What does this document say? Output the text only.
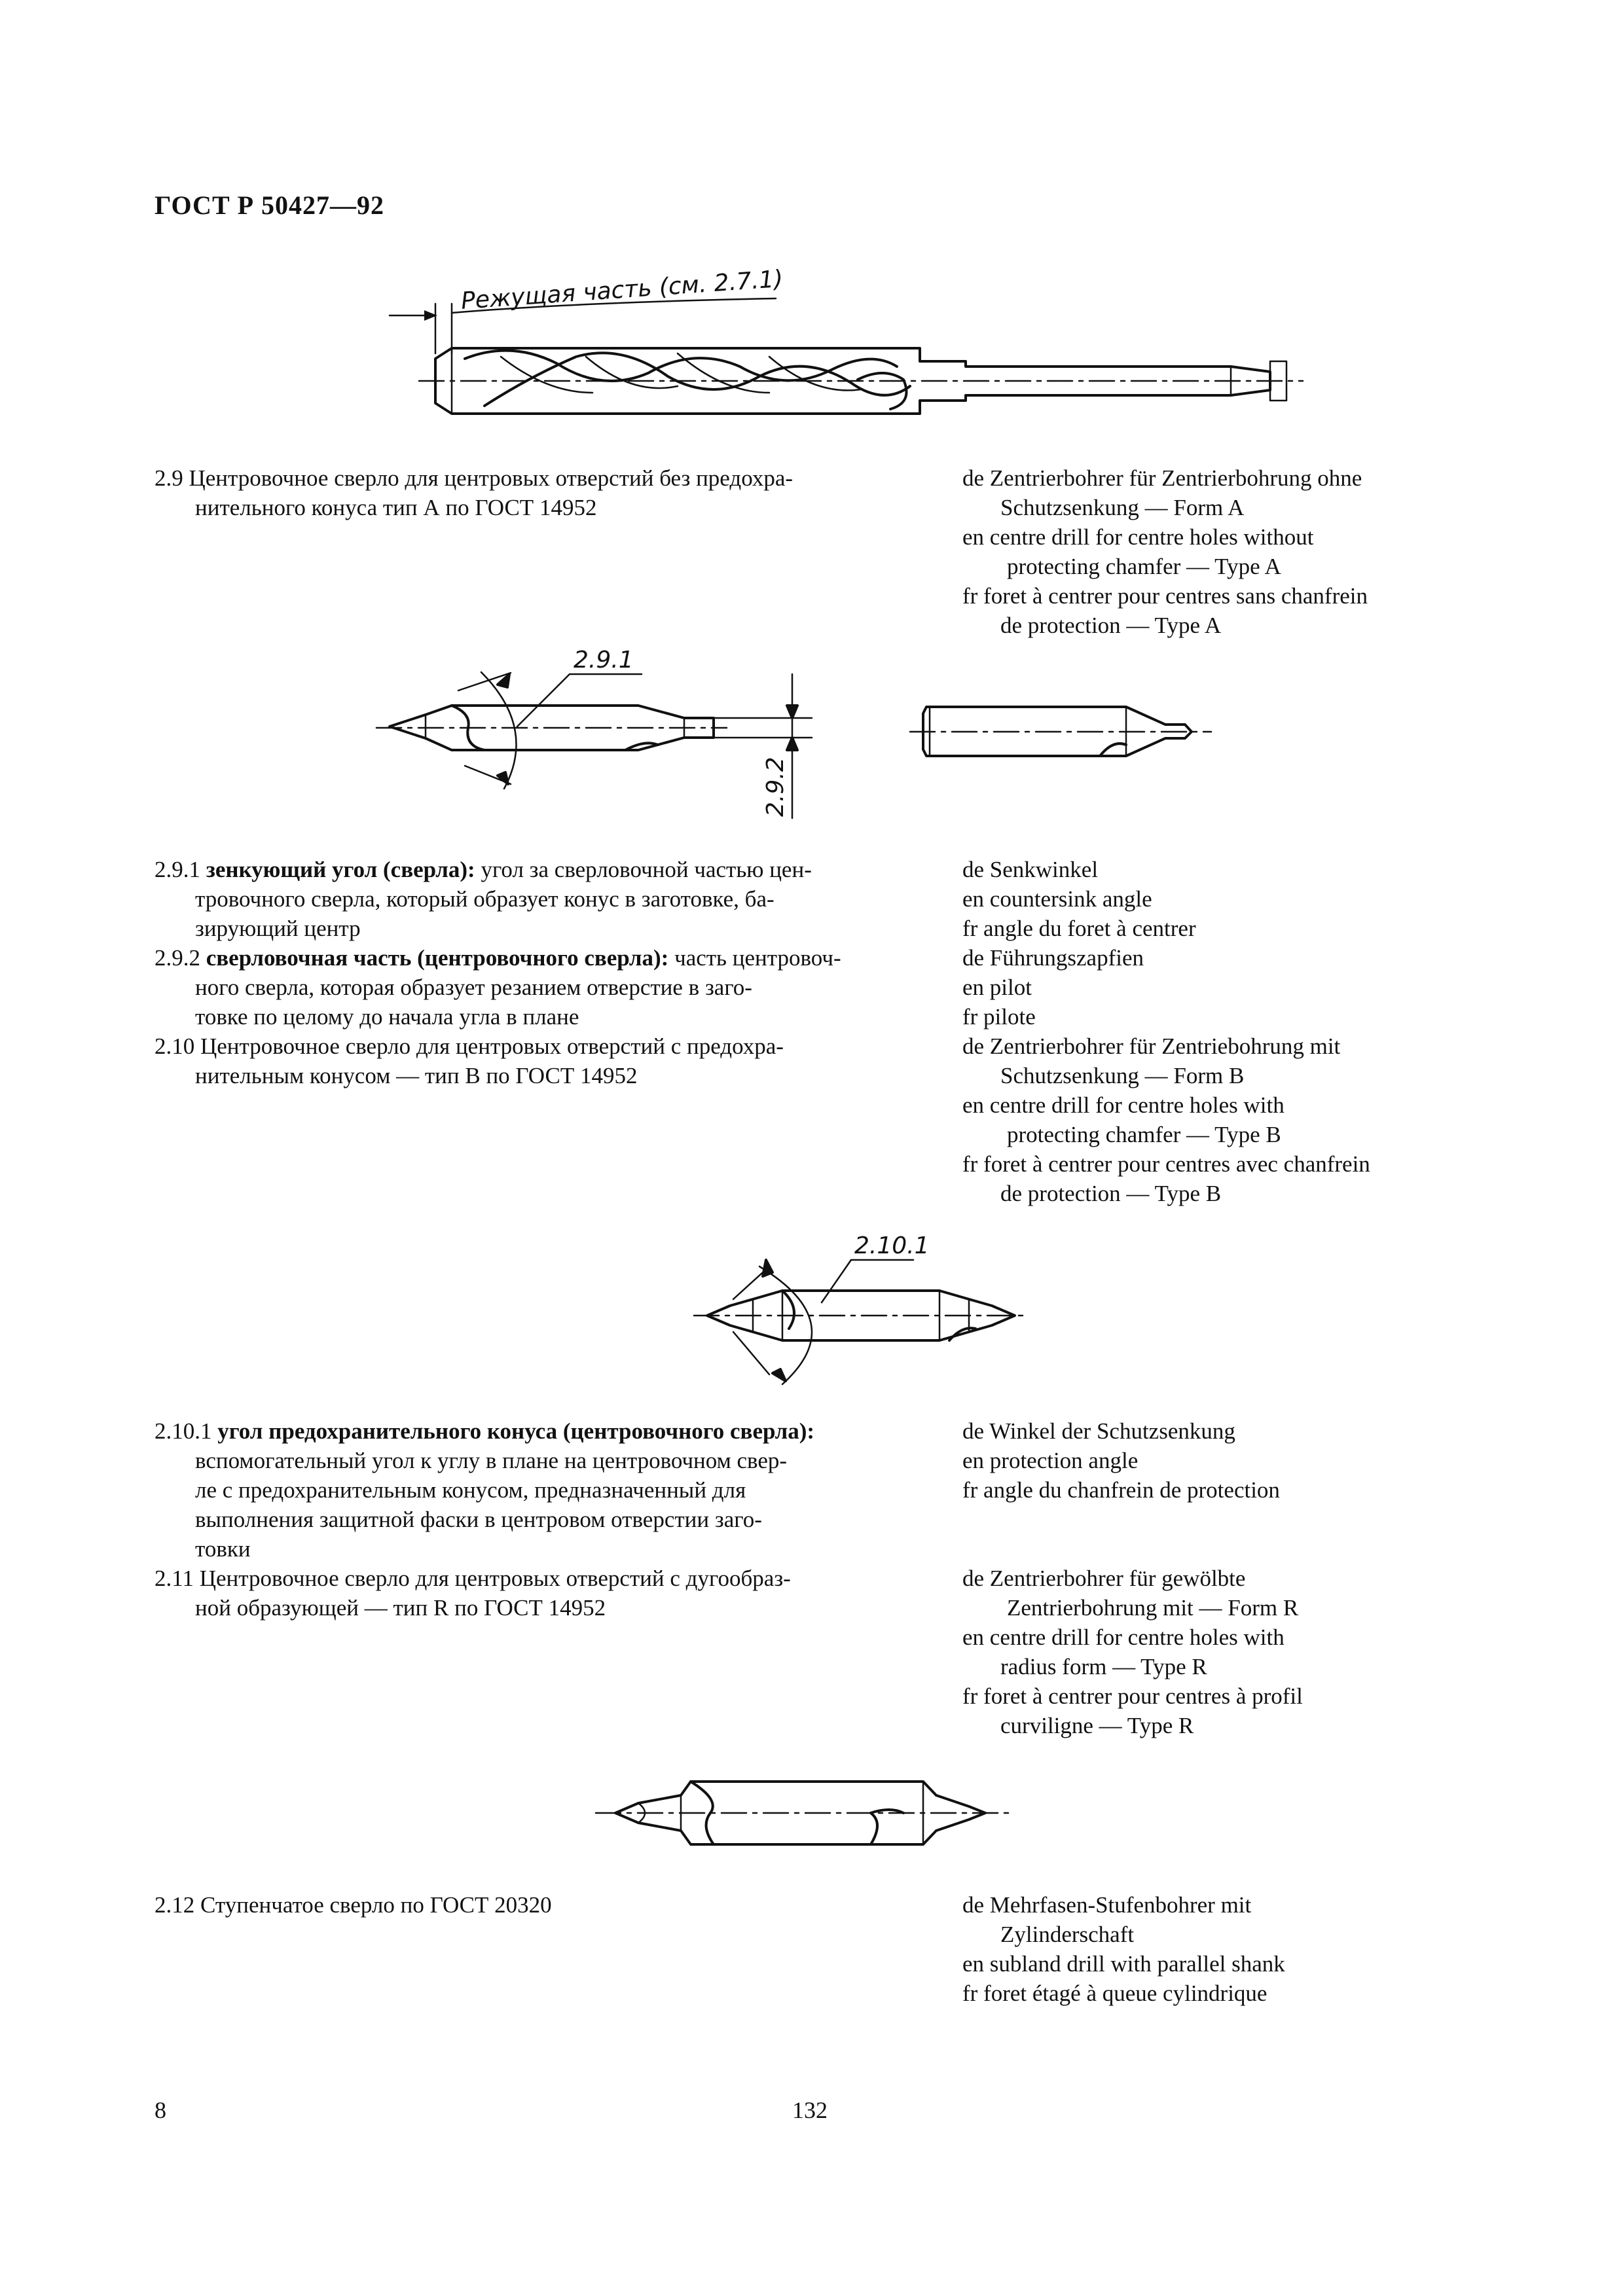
ГОСТ Р 50427—92
Режущая часть (см. 2.7.1)
2.9 Центровочное сверло для центровых отверстий без предохра-

нительного конуса тип А по ГОСТ 14952
de Zentrierbohrer für Zentrierbohrung ohne
Schutzsenkung — Form A
en centre drill for centre holes without
protecting chamfer — Type A
fr foret à centrer pour centres sans chanfrein
de protection — Type A
2.9.1
2.9.2
2.9.1 зенкующий угол (сверла): угол за сверловочной частью цен-

тровочного сверла, который образует конус в заготовке, ба-
зирующий центр
2.9.2 сверловочная часть (центровочного сверла): часть центровоч-

ного сверла, которая образует резанием отверстие в заго-
товке по целому до начала угла в плане
2.10 Центровочное сверло для центровых отверстий с предохра-

нительным конусом — тип В по ГОСТ 14952
de Senkwinkel
en countersink angle
fr angle du foret à centrer
de Führungszapfien
en pilot
fr pilote
de Zentrierbohrer für Zentriebohrung mit
Schutzsenkung — Form B
en centre drill for centre holes with
protecting chamfer — Type B
fr foret à centrer pour centres avec chanfrein
de protection — Type B
2.10.1
2.10.1 угол предохранительного конуса (центровочного сверла):

вспомогательный угол к углу в плане на центровочном свер-
ле с предохранительным конусом, предназначенный для
выполнения защитной фаски в центровом отверстии заго-
товки
de Winkel der Schutzsenkung
en protection angle
fr angle du chanfrein de protection
2.11 Центровочное сверло для центровых отверстий с дугообраз-

ной образующей — тип R по ГОСТ 14952
de Zentrierbohrer für gewölbte
Zentrierbohrung mit — Form R
en centre drill for centre holes with
radius form — Type R
fr foret à centrer pour centres à profil
curviligne — Type R
2.12 Ступенчатое сверло по ГОСТ 20320	de Mehrfasen-Stufenbohrer mit
Zylinderschaft
en subland drill with parallel shank
fr foret étagé à queue cylindrique
8	132
